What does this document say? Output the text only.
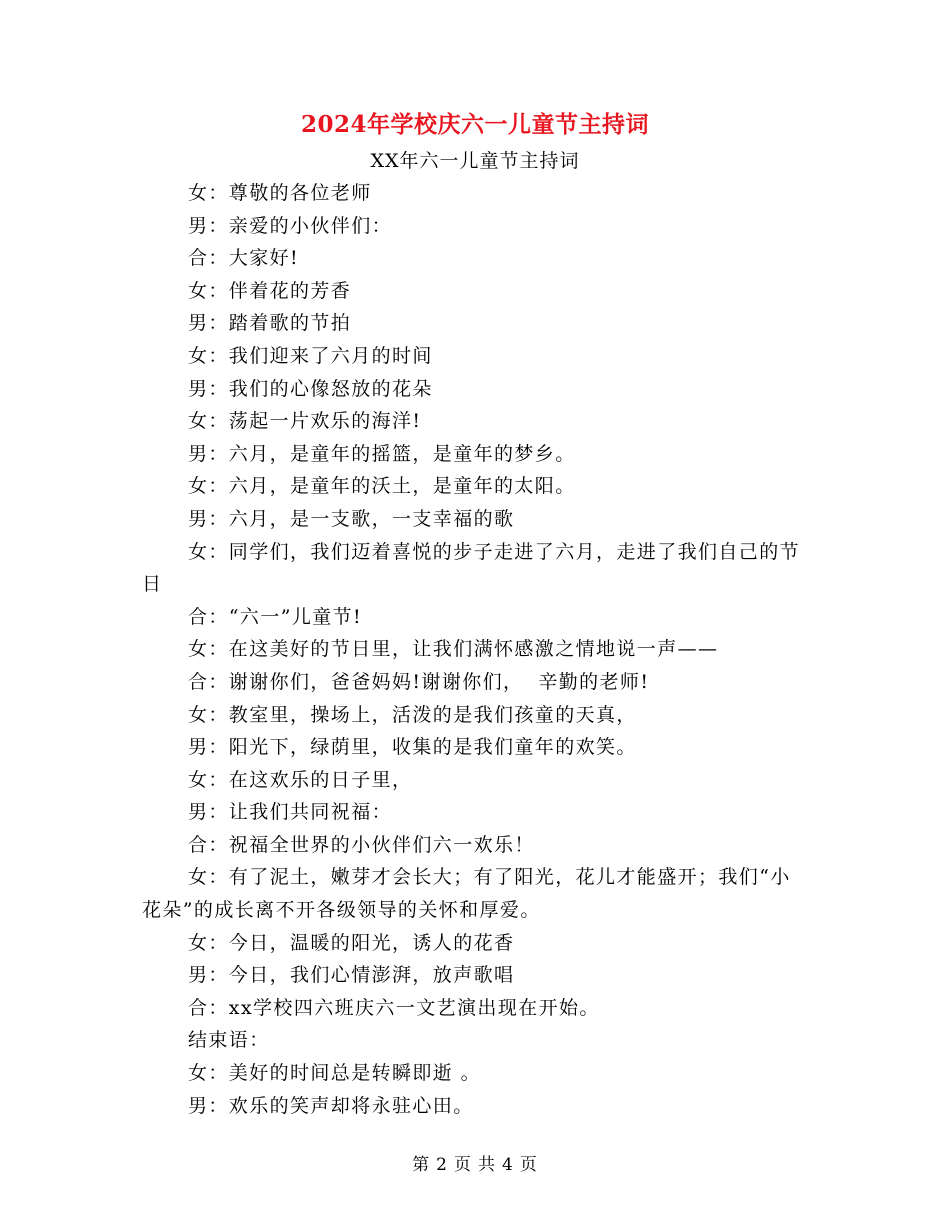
2024年学校庆六一儿童节主持词
XX年六一儿童节主持词

女：尊敬的各位老师

男：亲爱的小伙伴们：

合：大家好!

女：伴着花的芳香

男：踏着歌的节拍

女：我们迎来了六月的时间

男：我们的心像怒放的花朵

女：荡起一片欢乐的海洋!

男：六月，是童年的摇篮，是童年的梦乡。

女：六月，是童年的沃土，是童年的太阳。

男：六月，是一支歌，一支幸福的歌

女：同学们，我们迈着喜悦的步子走进了六月，走进了我们自己的节日

合：“六一”儿童节!

女：在这美好的节日里，让我们满怀感激之情地说一声——

合：谢谢你们，爸爸妈妈!谢谢你们，  辛勤的老师!

女：教室里，操场上，活泼的是我们孩童的天真，

男：阳光下，绿荫里，收集的是我们童年的欢笑。

女：在这欢乐的日子里，

男：让我们共同祝福：

合：祝福全世界的小伙伴们六一欢乐！

女：有了泥土，嫩芽才会长大；有了阳光，花儿才能盛开；我们“小花朵”的成长离不开各级领导的关怀和厚爱。

女：今日，温暖的阳光，诱人的花香

男：今日，我们心情澎湃，放声歌唱

合：xx学校四六班庆六一文艺演出现在开始。

结束语：

女：美好的时间总是转瞬即逝 。

男：欢乐的笑声却将永驻心田。

第 2 页 共 4 页
